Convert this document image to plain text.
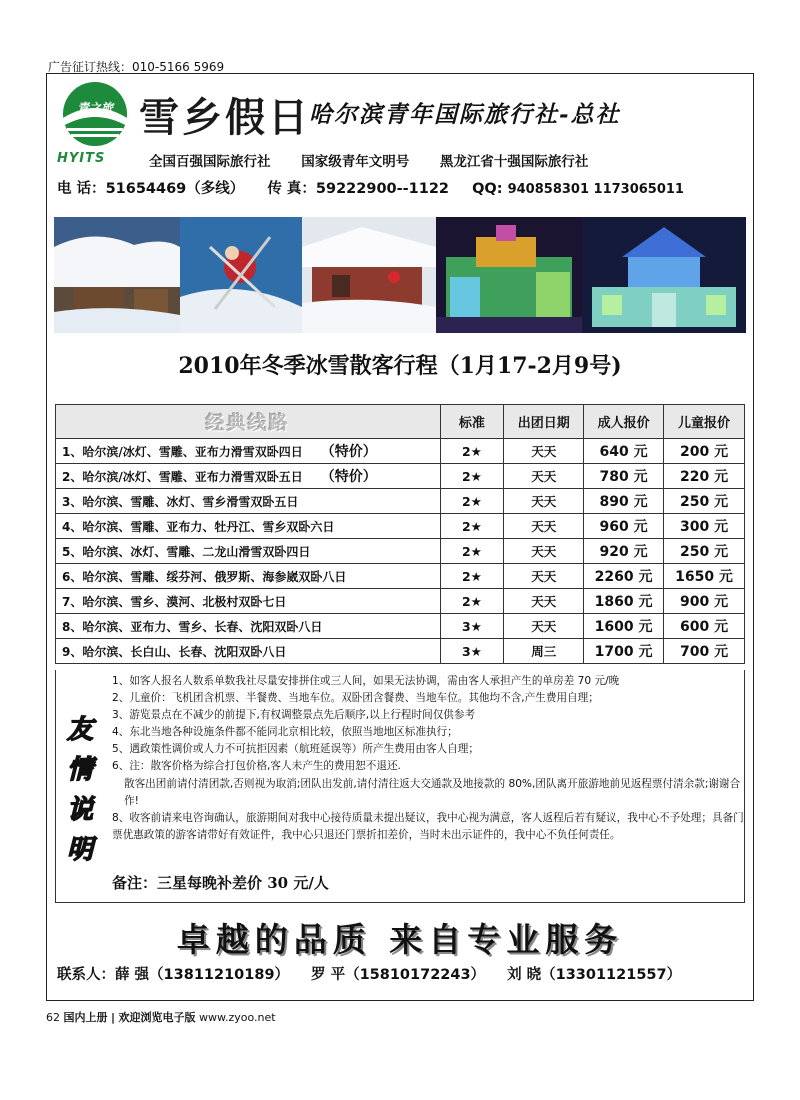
广告征订热线：010-5166 5969
青之旅
HYITS
雪乡假日
哈尔滨青年国际旅行社-总社
全国百强国际旅行社 国家级青年文明号 黑龙江省十强国际旅行社
电 话：51654469（多线） 传 真：59222900--1122 QQ: 940858301 1173065011
2010年冬季冰雪散客行程（1月17-2月9号)
经典线路	标准	出团日期	成人报价	儿童报价
1、哈尔滨/冰灯、雪雕、亚布力滑雪双卧四日 （特价）	2★	天天	640 元	200 元
2、哈尔滨/冰灯、雪雕、亚布力滑雪双卧五日 （特价）	2★	天天	780 元	220 元
3、哈尔滨、雪雕、冰灯、雪乡滑雪双卧五日	2★	天天	890 元	250 元
4、哈尔滨、雪雕、亚布力、牡丹江、雪乡双卧六日	2★	天天	960 元	300 元
5、哈尔滨、冰灯、雪雕、二龙山滑雪双卧四日	2★	天天	920 元	250 元
6、哈尔滨、雪雕、绥芬河、俄罗斯、海参崴双卧八日	2★	天天	2260 元	1650 元
7、哈尔滨、雪乡、漠河、北极村双卧七日	2★	天天	1860 元	900 元
8、哈尔滨、亚布力、雪乡、长春、沈阳双卧八日	3★	天天	1600 元	600 元
9、哈尔滨、长白山、长春、沈阳双卧八日	3★	周三	1700 元	700 元
友
情
说
明

1、如客人报名人数系单数我社尽量安排拼住或三人间，如果无法协调，需由客人承担产生的单房差 70 元/晚

2、儿童价：飞机团含机票、半餐费、当地车位。双卧团含餐费、当地车位。其他均不含,产生费用自理；

3、游览景点在不减少的前提下,有权调整景点先后顺序,以上行程时间仅供参考

4、东北当地各种设施条件都不能同北京相比较，依照当地地区标准执行；

5、遇政策性调价或人力不可抗拒因素（航班延误等）所产生费用由客人自理；

6、注：散客价格为综合打包价格,客人未产生的费用恕不退还.

散客出团前请付清团款,否则视为取消;团队出发前,请付清往返大交通款及地接款的 80%,团队离开旅游地前见返程票付清余款;谢谢合作!

8、收客前请来电咨询确认，旅游期间对我中心接待质量未提出疑议，我中心视为满意，客人返程后若有疑议，我中心不予处理；具备门票优惠政策的游客请带好有效证件，我中心只退还门票折扣差价，当时未出示证件的，我中心不负任何责任。

备注：三星每晚补差价 30 元/人
卓越的品质 来自专业服务
联系人：薛 强（13811210189） 罗 平（15810172243） 刘 晓（13301121557）
62 国内上册 | 欢迎浏览电子版 www.zyoo.net
